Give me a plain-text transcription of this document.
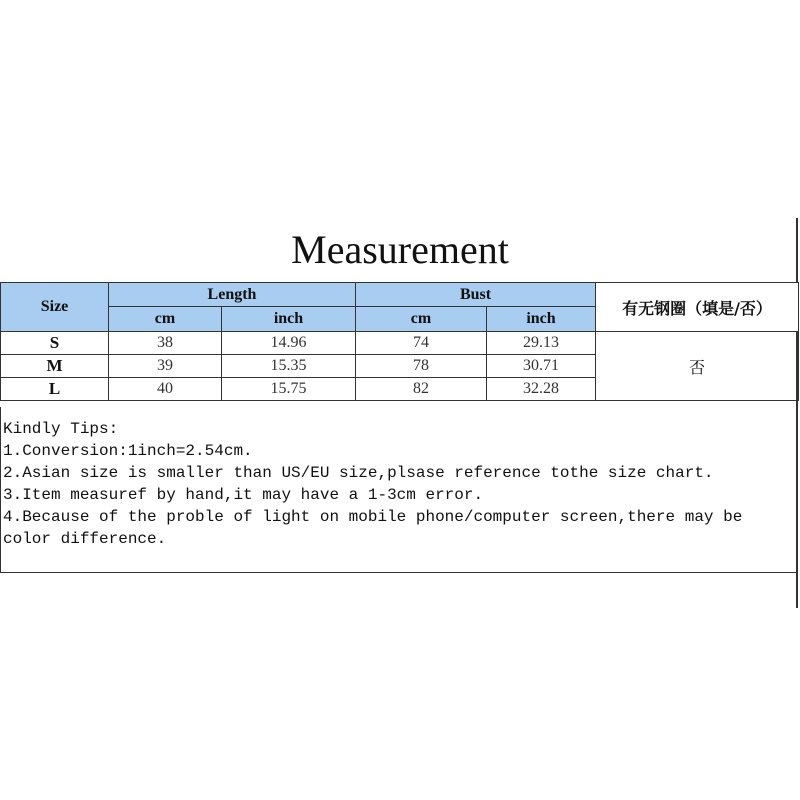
Measurement
Size	Length		Bust		有无钢圈（填是/否）
	cm	inch	cm	inch	
S	38	14.96	74	29.13	否
M	39	15.35	78	30.71	
L	40	15.75	82	32.28	
Kindly Tips:
1.Conversion:1inch=2.54cm.
2.Asian size is smaller than US/EU size,plsase reference tothe size chart.
3.Item measuref by hand,it may have a 1-3cm error.
4.Because of the proble of light on mobile phone/computer screen,there may be color difference.
